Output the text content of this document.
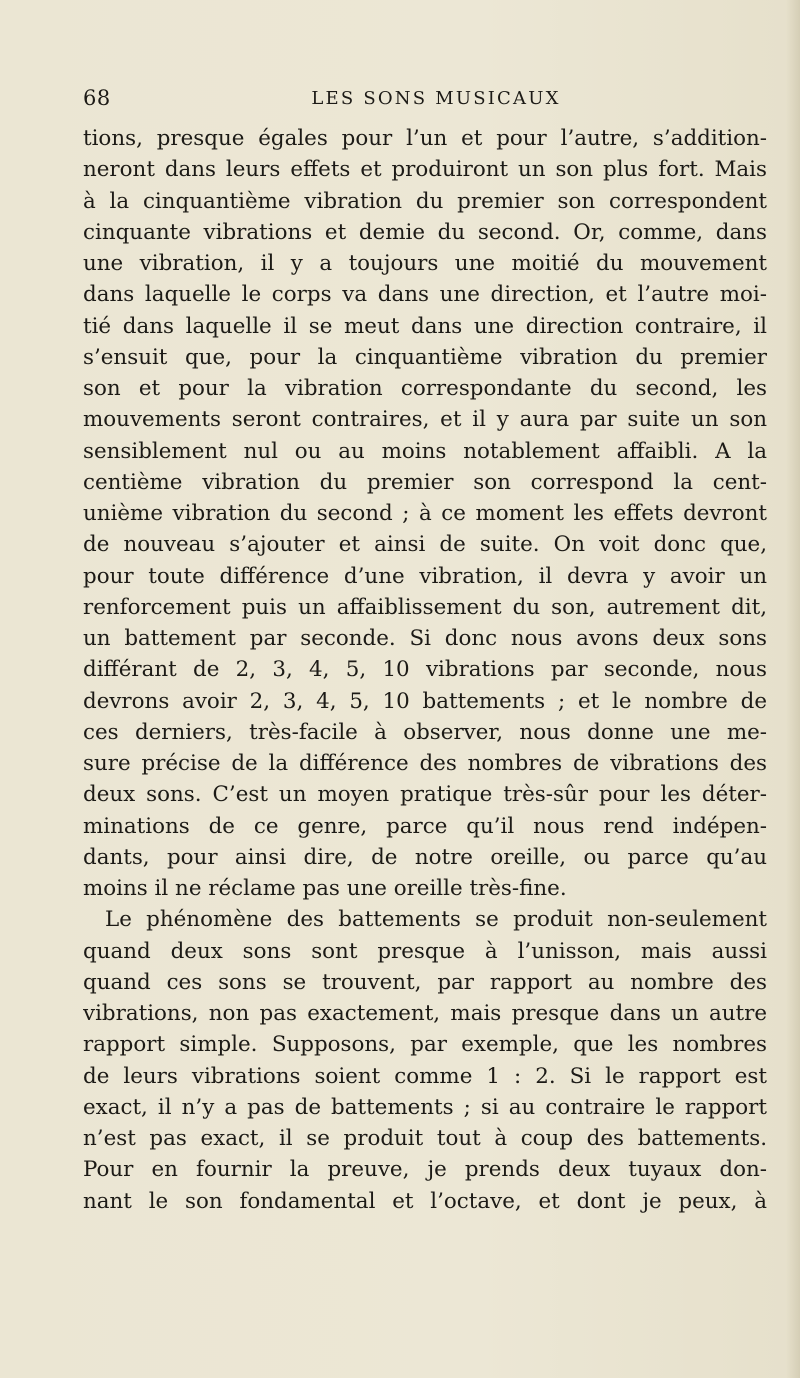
68	LES SONS MUSICAUX
tions, presque égales pour l’un et pour l’autre, s’addition-
neront dans leurs effets et produiront un son plus fort. Mais
à la cinquantième vibration du premier son correspondent
cinquante vibrations et demie du second. Or, comme, dans
une vibration, il y a toujours une moitié du mouvement
dans laquelle le corps va dans une direction, et l’autre moi-
tié dans laquelle il se meut dans une direction contraire, il
s’ensuit que, pour la cinquantième vibration du premier
son et pour la vibration correspondante du second, les
mouvements seront contraires, et il y aura par suite un son
sensiblement nul ou au moins notablement affaibli. A la
centième vibration du premier son correspond la cent-
unième vibration du second ; à ce moment les effets devront
de nouveau s’ajouter et ainsi de suite. On voit donc que,
pour toute différence d’une vibration, il devra y avoir un
renforcement puis un affaiblissement du son, autrement dit,
un battement par seconde. Si donc nous avons deux sons
différant de 2, 3, 4, 5, 10 vibrations par seconde, nous
devrons avoir 2, 3, 4, 5, 10 battements ; et le nombre de
ces derniers, très-facile à observer, nous donne une me-
sure précise de la différence des nombres de vibrations des
deux sons. C’est un moyen pratique très-sûr pour les déter-
minations de ce genre, parce qu’il nous rend indépen-
dants, pour ainsi dire, de notre oreille, ou parce qu’au
moins il ne réclame pas une oreille très-fine.
Le phénomène des battements se produit non-seulement
quand deux sons sont presque à l’unisson, mais aussi
quand ces sons se trouvent, par rapport au nombre des
vibrations, non pas exactement, mais presque dans un autre
rapport simple. Supposons, par exemple, que les nombres
de leurs vibrations soient comme 1 : 2. Si le rapport est
exact, il n’y a pas de battements ; si au contraire le rapport
n’est pas exact, il se produit tout à coup des battements.
Pour en fournir la preuve, je prends deux tuyaux don-
nant le son fondamental et l’octave, et dont je peux, à
